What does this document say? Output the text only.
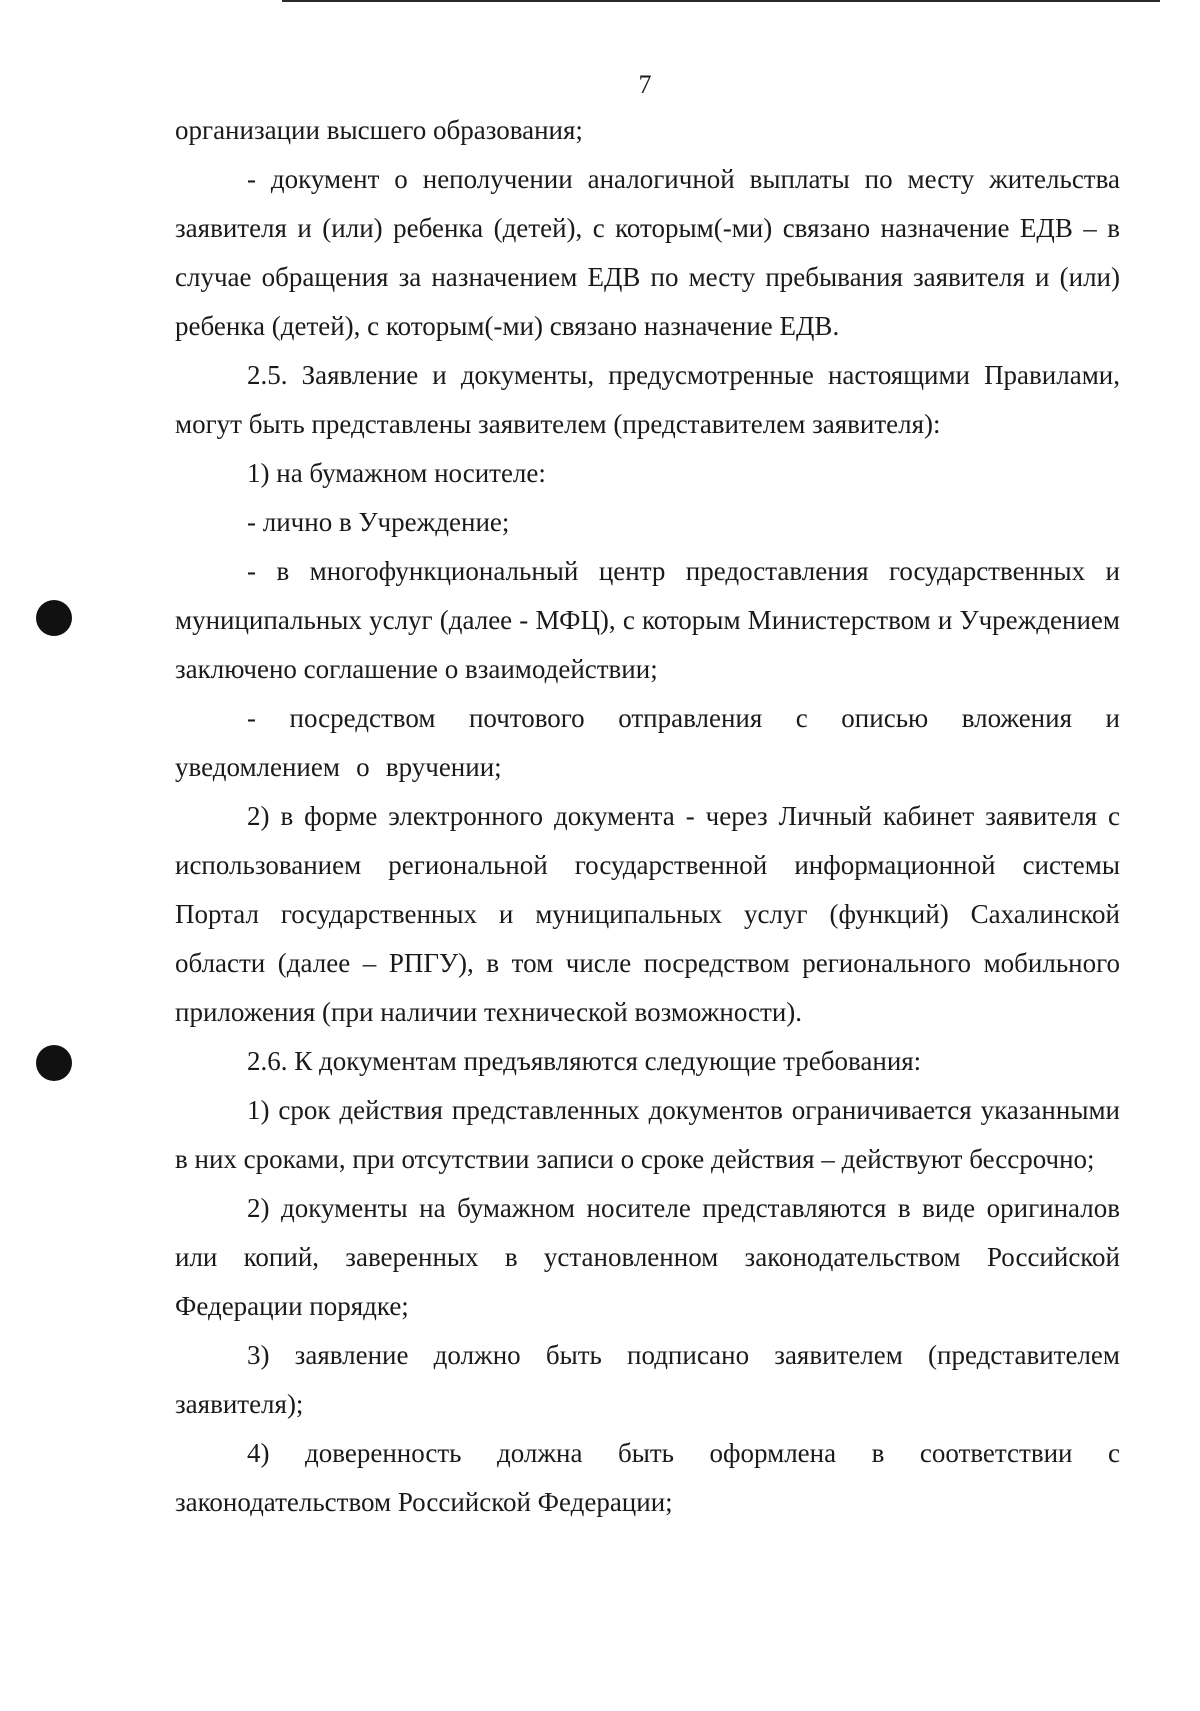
7

организации высшего образования;

- документ о неполучении аналогичной выплаты по месту жительства заявителя и (или) ребенка (детей), с которым(-ми) связано назначение ЕДВ – в случае обращения за назначением ЕДВ по месту пребывания заявителя и (или) ребенка (детей), с которым(-ми) связано назначение ЕДВ.

2.5. Заявление и документы, предусмотренные настоящими Правилами, могут быть представлены заявителем (представителем заявителя):

1) на бумажном носителе:

- лично в Учреждение;

- в многофункциональный центр предоставления государственных и муниципальных услуг (далее - МФЦ), с которым Министерством и Учреждением заключено соглашение о взаимодействии;

- посредством почтового отправления с описью вложения и уведомлением о вручении;

2) в форме электронного документа - через Личный кабинет заявителя с использованием региональной государственной информационной системы Портал государственных и муниципальных услуг (функций) Сахалинской области (далее – РПГУ), в том числе посредством регионального мобильного приложения (при наличии технической возможности).

2.6. К документам предъявляются следующие требования:

1) срок действия представленных документов ограничивается указанными в них сроками, при отсутствии записи о сроке действия – действуют бессрочно;

2) документы на бумажном носителе представляются в виде оригиналов или копий, заверенных в установленном законодательством Российской Федерации порядке;

3) заявление должно быть подписано заявителем (представителем заявителя);

4) доверенность должна быть оформлена в соответствии с законодательством Российской Федерации;
